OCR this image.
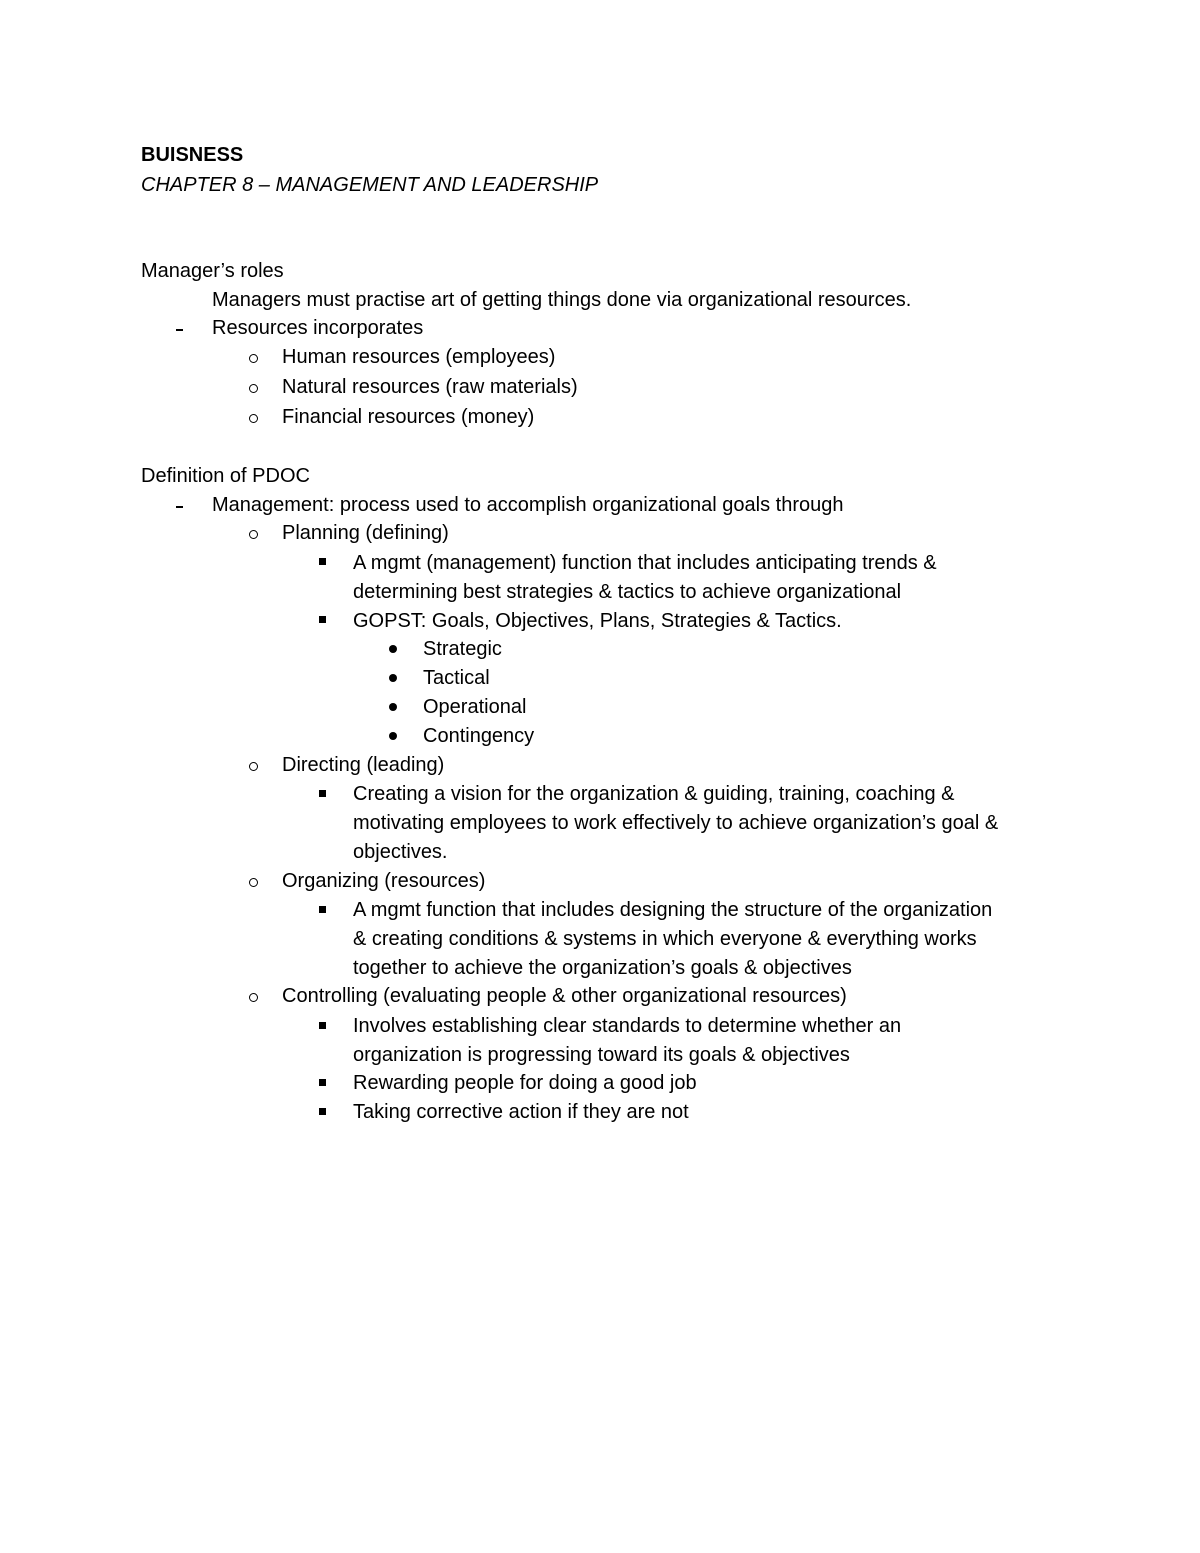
BUISNESS
CHAPTER 8 – MANAGEMENT AND LEADERSHIP
Manager’s roles
Managers must practise art of getting things done via organizational resources.
Resources incorporates
Human resources (employees)
Natural resources (raw materials)
Financial resources (money)
Definition of PDOC
Management: process used to accomplish organizational goals through
Planning (defining)
A mgmt (management) function that includes anticipating trends &
determining best strategies & tactics to achieve organizational
GOPST: Goals, Objectives, Plans, Strategies & Tactics.
Strategic
Tactical
Operational
Contingency
Directing (leading)
Creating a vision for the organization & guiding, training, coaching &
motivating employees to work effectively to achieve organization’s goal &
objectives.
Organizing (resources)
A mgmt function that includes designing the structure of the organization
& creating conditions & systems in which everyone & everything works
together to achieve the organization’s goals & objectives
Controlling (evaluating people & other organizational resources)
Involves establishing clear standards to determine whether an
organization is progressing toward its goals & objectives
Rewarding people for doing a good job
Taking corrective action if they are not
